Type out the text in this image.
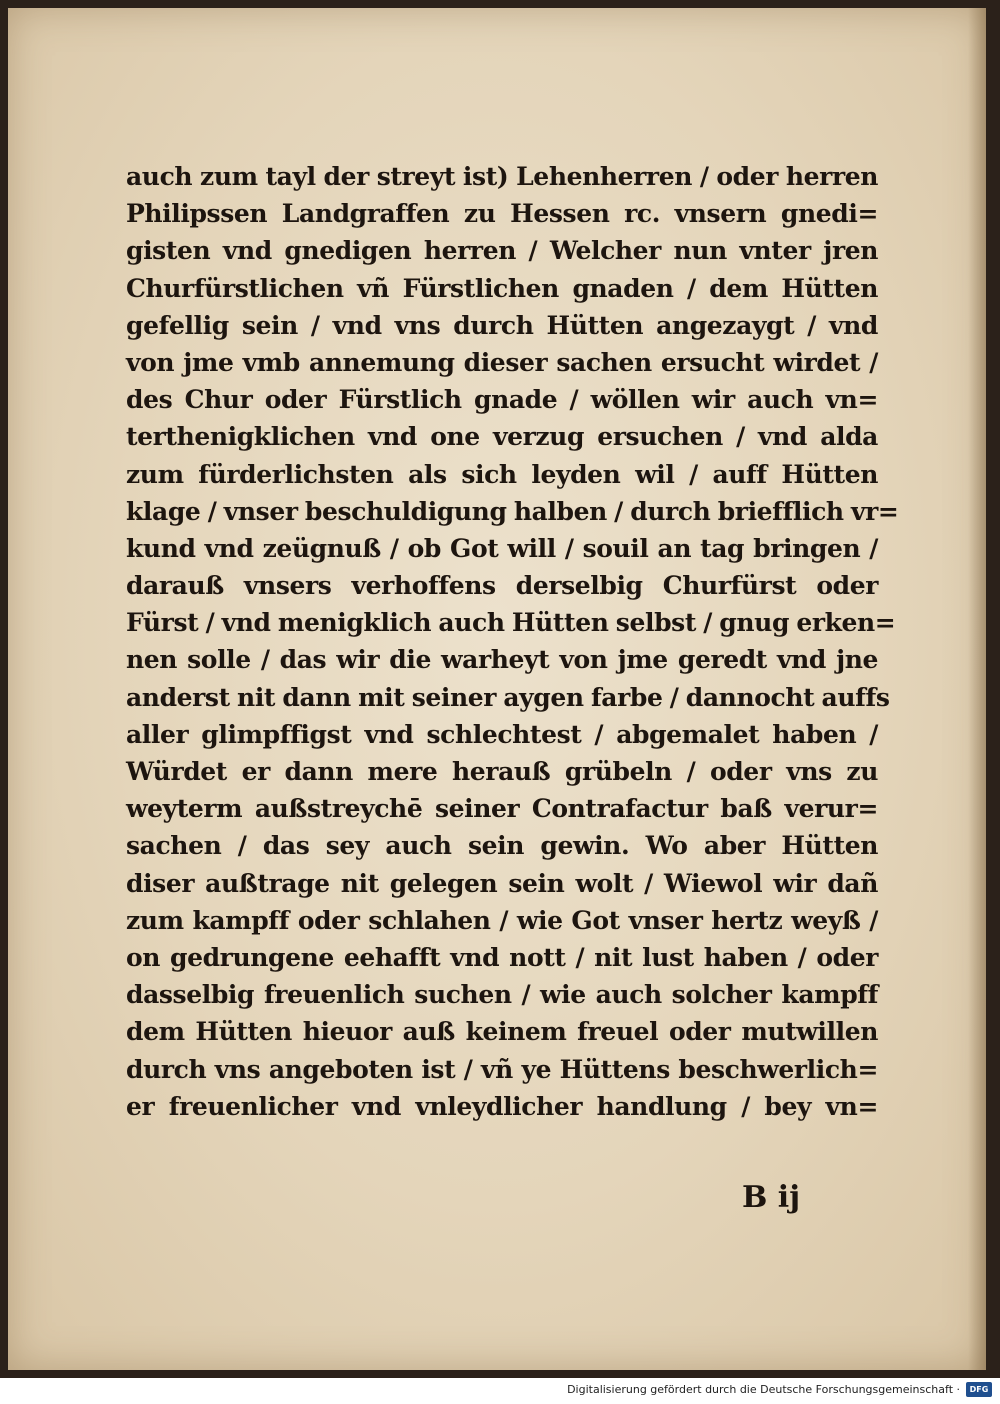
auch zum tayl der streyt ist) Lehenherren / oder herren
Philipssen Landgraffen zu Hessen rc. vnsern gnedi=
gisten vnd gnedigen herren / Welcher nun vnter jren
Churfürstlichen vñ Fürstlichen gnaden / dem Hütten
gefellig sein / vnd vns durch Hütten angezaygt / vnd
von jme vmb annemung dieser sachen ersucht wirdet /
des Chur oder Fürstlich gnade / wöllen wir auch vn=
terthenigklichen vnd one verzug ersuchen / vnd alda
zum fürderlichsten als sich leyden wil / auff Hütten
klage / vnser beschuldigung halben / durch briefflich vr=
kund vnd zeügnuß / ob Got will / souil an tag bringen /
darauß vnsers verhoffens derselbig Churfürst oder
Fürst / vnd menigklich auch Hütten selbst / gnug erken=
nen solle / das wir die warheyt von jme geredt vnd jne
anderst nit dann mit seiner aygen farbe / dannocht auffs
aller glimpffigst vnd schlechtest / abgemalet haben /
Würdet er dann mere herauß grübeln / oder vns zu
weyterm außstreychē seiner Contrafactur baß verur=
sachen / das sey auch sein gewin. Wo aber Hütten
diser außtrage nit gelegen sein wolt / Wiewol wir dañ
zum kampff oder schlahen / wie Got vnser hertz weyß /
on gedrungene eehafft vnd nott / nit lust haben / oder
dasselbig freuenlich suchen / wie auch solcher kampff
dem Hütten hieuor auß keinem freuel oder mutwillen
durch vns angeboten ist / vñ ye Hüttens beschwerlich=
er freuenlicher vnd vnleydlicher handlung / bey vn=
B ij
Digitalisierung gefördert durch die Deutsche Forschungsgemeinschaft ·	DFG
